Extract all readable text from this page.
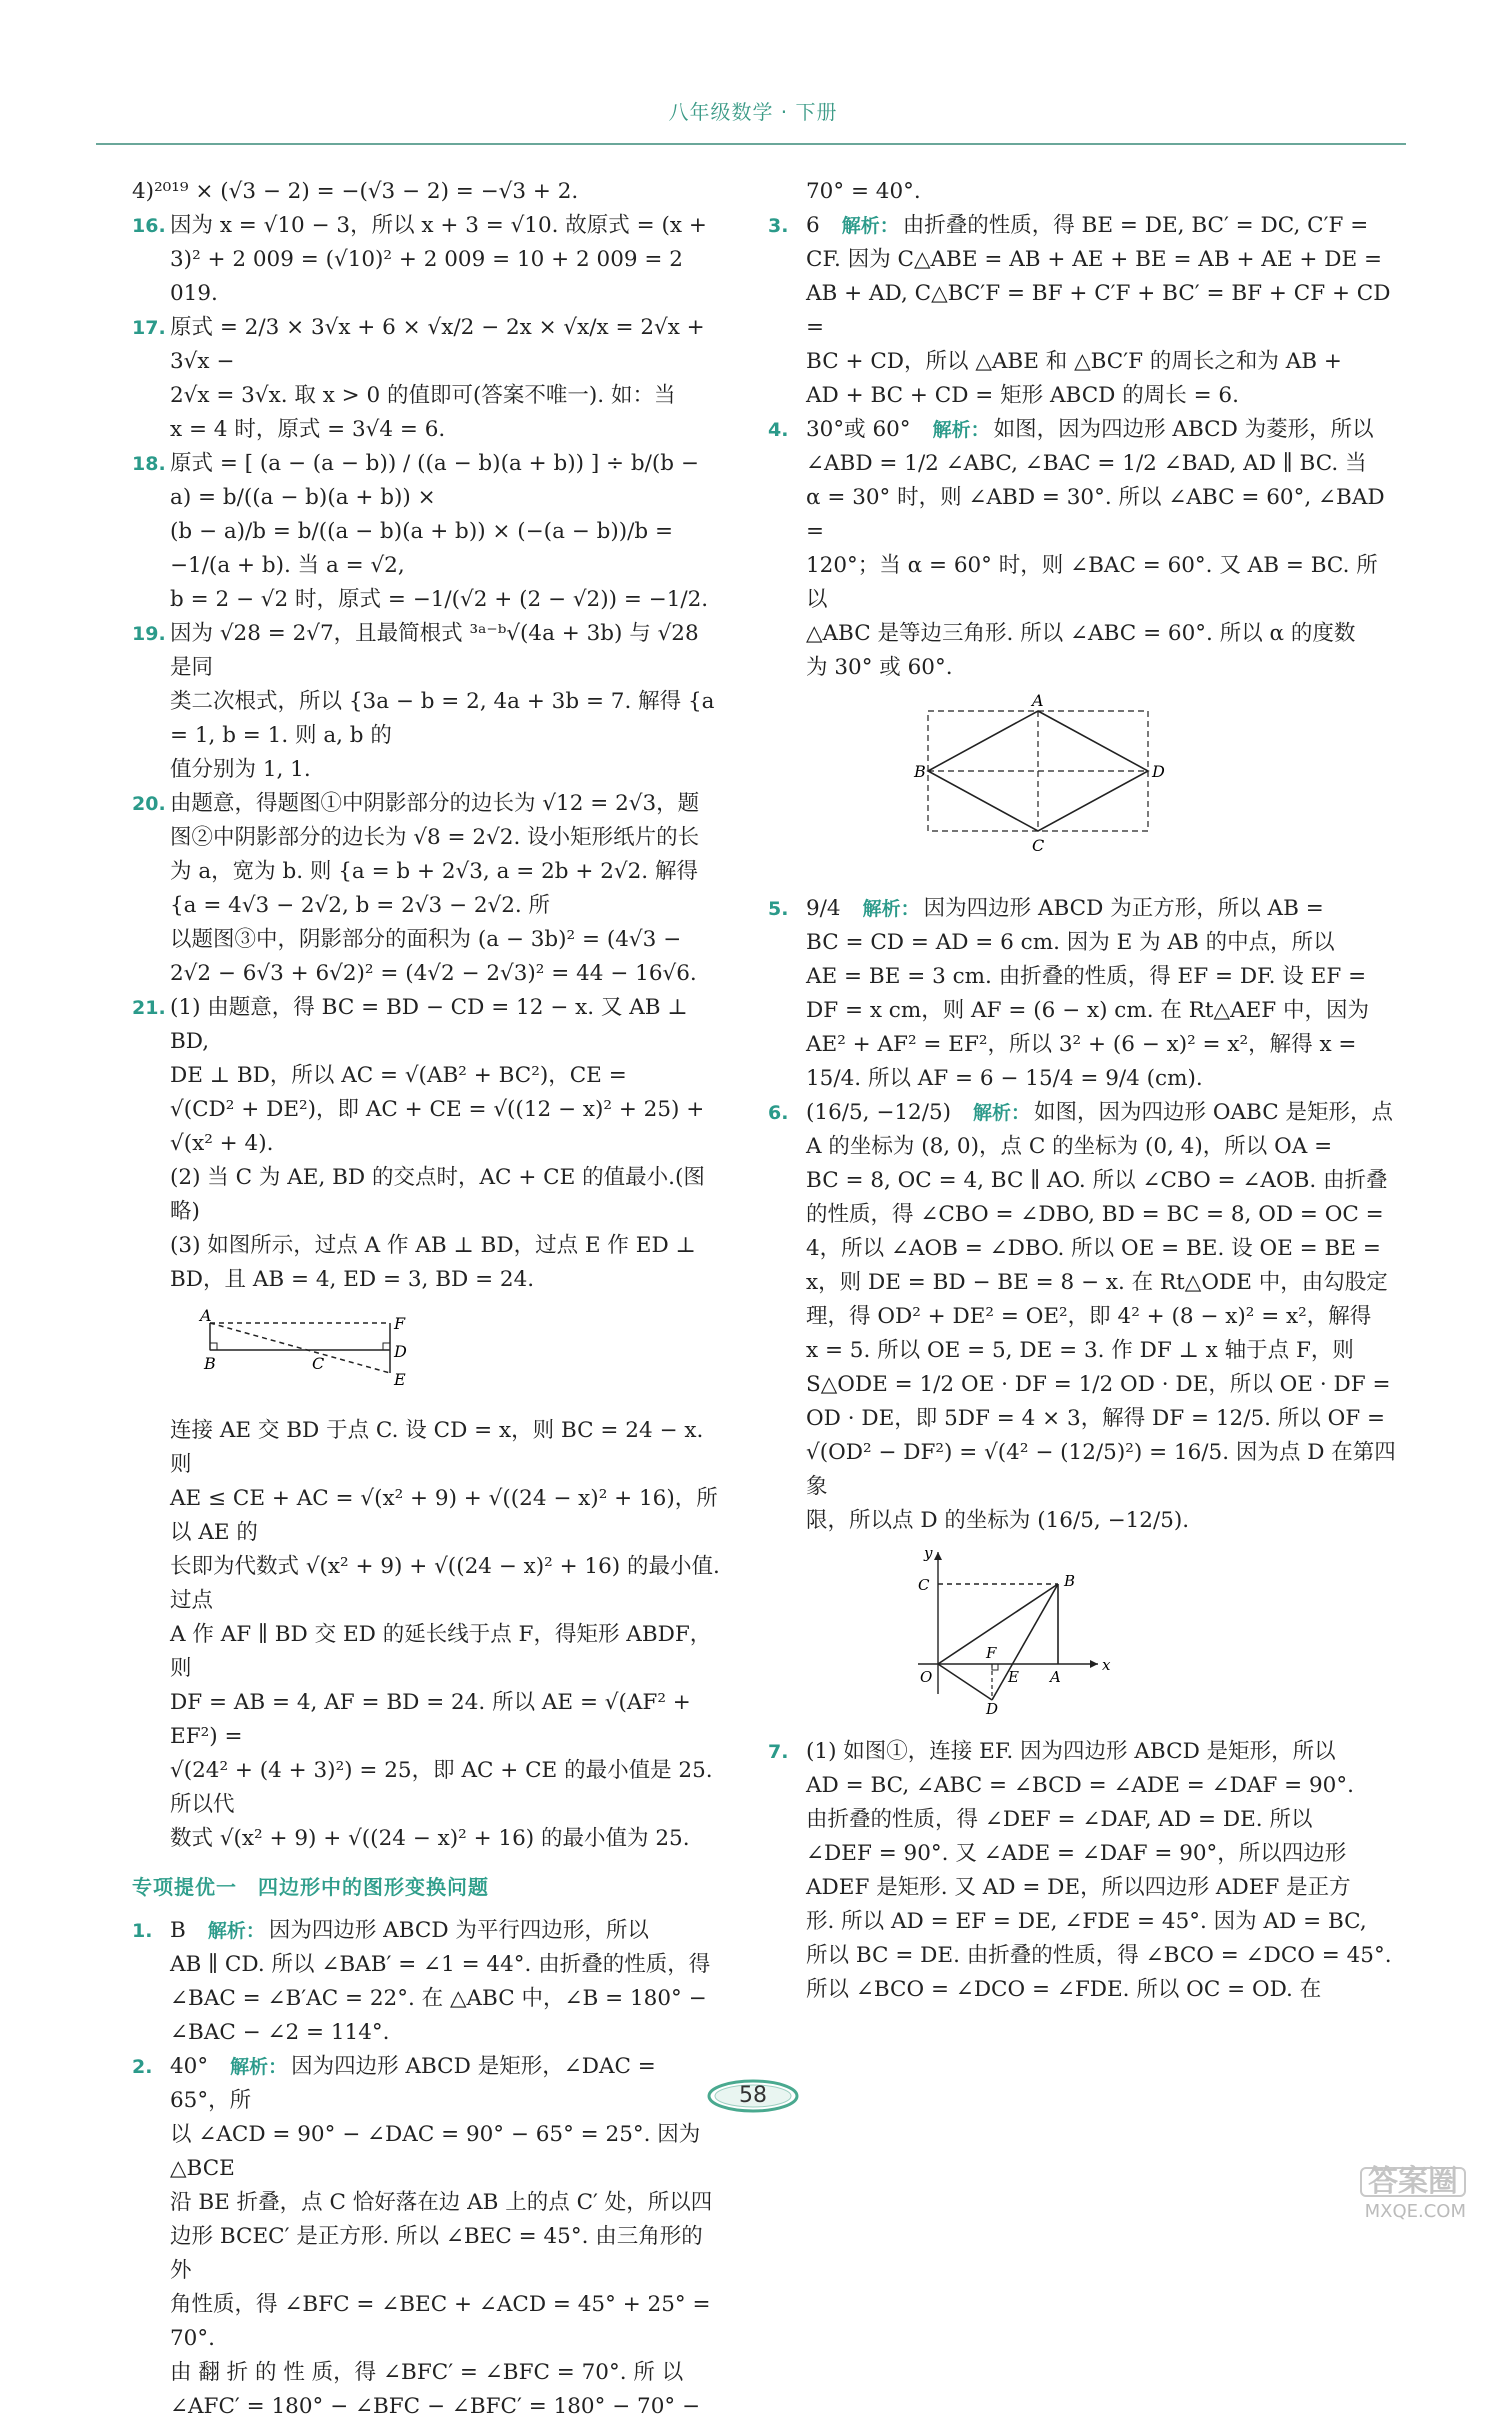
八年级数学 · 下册
4)²⁰¹⁹ × (√3 − 2) = −(√3 − 2) = −√3 + 2.
16. 因为 x = √10 − 3，所以 x + 3 = √10. 故原式 = (x +
3)² + 2 009 = (√10)² + 2 009 = 10 + 2 009 = 2 019.
17. 原式 = 2/3 × 3√x + 6 × √x/2 − 2x × √x/x = 2√x + 3√x −
2√x = 3√x. 取 x > 0 的值即可(答案不唯一). 如：当
x = 4 时，原式 = 3√4 = 6.
18. 原式 = [ (a − (a − b)) / ((a − b)(a + b)) ] ÷ b/(b − a) = b/((a − b)(a + b)) ×
(b − a)/b = b/((a − b)(a + b)) × (−(a − b))/b = −1/(a + b). 当 a = √2,
b = 2 − √2 时，原式 = −1/(√2 + (2 − √2)) = −1/2.
19. 因为 √28 = 2√7，且最简根式 ³ᵃ⁻ᵇ√(4a + 3b) 与 √28 是同
类二次根式，所以 {3a − b = 2, 4a + 3b = 7. 解得 {a = 1, b = 1. 则 a, b 的
值分别为 1, 1.
20. 由题意，得题图①中阴影部分的边长为 √12 = 2√3，题
图②中阴影部分的边长为 √8 = 2√2. 设小矩形纸片的长
为 a，宽为 b. 则 {a = b + 2√3, a = 2b + 2√2. 解得 {a = 4√3 − 2√2, b = 2√3 − 2√2. 所
以题图③中，阴影部分的面积为 (a − 3b)² = (4√3 −
2√2 − 6√3 + 6√2)² = (4√2 − 2√3)² = 44 − 16√6.
21. (1) 由题意，得 BC = BD − CD = 12 − x. 又 AB ⊥ BD,
DE ⊥ BD，所以 AC = √(AB² + BC²)，CE =
√(CD² + DE²)，即 AC + CE = √((12 − x)² + 25) +
√(x² + 4).
(2) 当 C 为 AE, BD 的交点时，AC + CE 的值最小.(图略)
(3) 如图所示，过点 A 作 AB ⊥ BD，过点 E 作 ED ⊥
BD，且 AB = 4, ED = 3, BD = 24.
A	F
D
B	C
E
连接 AE 交 BD 于点 C. 设 CD = x，则 BC = 24 − x. 则
AE ≤ CE + AC = √(x² + 9) + √((24 − x)² + 16)，所以 AE 的
长即为代数式 √(x² + 9) + √((24 − x)² + 16) 的最小值. 过点
A 作 AF ∥ BD 交 ED 的延长线于点 F，得矩形 ABDF，则
DF = AB = 4, AF = BD = 24. 所以 AE = √(AF² + EF²) =
√(24² + (4 + 3)²) = 25，即 AC + CE 的最小值是 25. 所以代
数式 √(x² + 9) + √((24 − x)² + 16) 的最小值为 25.
专项提优一　四边形中的图形变换问题
1. B 解析： 因为四边形 ABCD 为平行四边形，所以
AB ∥ CD. 所以 ∠BAB′ = ∠1 = 44°. 由折叠的性质，得
∠BAC = ∠B′AC = 22°. 在 △ABC 中，∠B = 180° −
∠BAC − ∠2 = 114°.
2. 40° 解析： 因为四边形 ABCD 是矩形，∠DAC = 65°，所
以 ∠ACD = 90° − ∠DAC = 90° − 65° = 25°. 因为 △BCE
沿 BE 折叠，点 C 恰好落在边 AB 上的点 C′ 处，所以四
边形 BCEC′ 是正方形. 所以 ∠BEC = 45°. 由三角形的外
角性质，得 ∠BFC = ∠BEC + ∠ACD = 45° + 25° = 70°.
由 翻 折 的 性 质，得 ∠BFC′ = ∠BFC = 70°. 所 以
∠AFC′ = 180° − ∠BFC − ∠BFC′ = 180° − 70° −
70° = 40°.
3. 6 解析： 由折叠的性质，得 BE = DE, BC′ = DC, C′F =
CF. 因为 C△ABE = AB + AE + BE = AB + AE + DE =
AB + AD, C△BC′F = BF + C′F + BC′ = BF + CF + CD =
BC + CD，所以 △ABE 和 △BC′F 的周长之和为 AB +
AD + BC + CD = 矩形 ABCD 的周长 = 6.
4. 30°或 60° 解析： 如图，因为四边形 ABCD 为菱形，所以
∠ABD = 1/2 ∠ABC, ∠BAC = 1/2 ∠BAD, AD ∥ BC. 当
α = 30° 时，则 ∠ABD = 30°. 所以 ∠ABC = 60°, ∠BAD =
120°；当 α = 60° 时，则 ∠BAC = 60°. 又 AB = BC. 所以
△ABC 是等边三角形. 所以 ∠ABC = 60°. 所以 α 的度数
为 30° 或 60°.
A
B	D
C
5. 9/4 解析： 因为四边形 ABCD 为正方形，所以 AB =
BC = CD = AD = 6 cm. 因为 E 为 AB 的中点，所以
AE = BE = 3 cm. 由折叠的性质，得 EF = DF. 设 EF =
DF = x cm，则 AF = (6 − x) cm. 在 Rt△AEF 中，因为
AE² + AF² = EF²，所以 3² + (6 − x)² = x²，解得 x =
15/4. 所以 AF = 6 − 15/4 = 9/4 (cm).
6. (16/5, −12/5) 解析： 如图，因为四边形 OABC 是矩形，点
A 的坐标为 (8, 0)，点 C 的坐标为 (0, 4)，所以 OA =
BC = 8, OC = 4, BC ∥ AO. 所以 ∠CBO = ∠AOB. 由折叠
的性质，得 ∠CBO = ∠DBO, BD = BC = 8, OD = OC =
4，所以 ∠AOB = ∠DBO. 所以 OE = BE. 设 OE = BE =
x，则 DE = BD − BE = 8 − x. 在 Rt△ODE 中，由勾股定
理，得 OD² + DE² = OE²，即 4² + (8 − x)² = x²，解得
x = 5. 所以 OE = 5, DE = 3. 作 DF ⊥ x 轴于点 F，则
S△ODE = 1/2 OE · DF = 1/2 OD · DE，所以 OE · DF =
OD · DE，即 5DF = 4 × 3，解得 DF = 12/5. 所以 OF =
√(OD² − DF²) = √(4² − (12/5)²) = 16/5. 因为点 D 在第四象
限，所以点 D 的坐标为 (16/5, −12/5).
y
C	B
F
O	E A
x
D
7. (1) 如图①，连接 EF. 因为四边形 ABCD 是矩形，所以
AD = BC, ∠ABC = ∠BCD = ∠ADE = ∠DAF = 90°.
由折叠的性质，得 ∠DEF = ∠DAF, AD = DE. 所以
∠DEF = 90°. 又 ∠ADE = ∠DAF = 90°，所以四边形
ADEF 是矩形. 又 AD = DE，所以四边形 ADEF 是正方
形. 所以 AD = EF = DE, ∠FDE = 45°. 因为 AD = BC,
所以 BC = DE. 由折叠的性质，得 ∠BCO = ∠DCO = 45°.
所以 ∠BCO = ∠DCO = ∠FDE. 所以 OC = OD. 在
58
答案圈
MXQE.COM
